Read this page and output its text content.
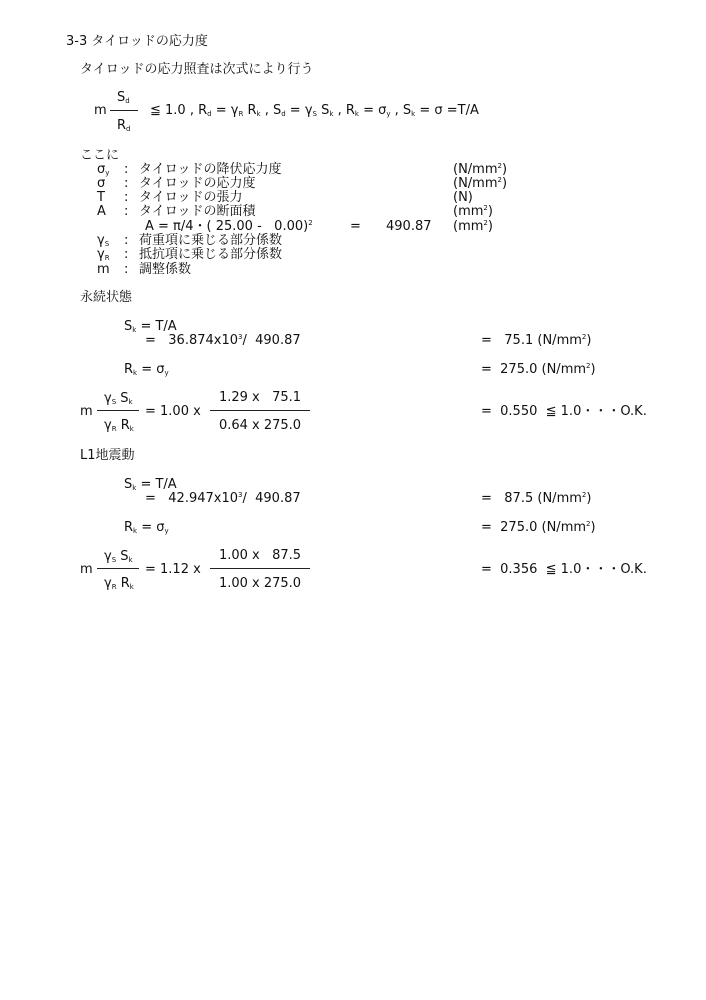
3-3 タイロッドの応力度
タイロッドの応力照査は次式により行う
m
Sd
Rd
≦ 1.0 , Rd = γR Rk , Sd = γS Sk , Rk = σy , Sk = σ =T/A
ここに
σy : タイロッドの降伏応力度	$(N/mm^2)$
σ : タイロッドの応力度	$(N/mm^2)$
T : タイロッドの張力	(N)
A : タイロッドの断面積	$(mm^2)$
γS : 荷重項に乗じる部分係数
γR : 抵抗項に乗じる部分係数
m : 調整係数
A = π/4・( 25.00 -   0.00)$^2$	= 490.87 $(mm^2)$
永続状態
Sk = T/A
=   $36.874x10^3/$  490.87	=   75.1 $(N/mm^2)$
Rk = σy	=  275.0 $(N/mm^2)$
m
γS Sk
γR Rk
= 1.00 x
1.29 x   75.1
0.64 x 275.0
=  0.550  ≦ 1.0・・・O.K.
L1地震動
Sk = T/A
=   $42.947x10^3/$  490.87	=   87.5 $(N/mm^2)$
Rk = σy	=  275.0 $(N/mm^2)$
m
γS Sk
γR Rk
= 1.12 x
1.00 x   87.5
1.00 x 275.0
=  0.356  ≦ 1.0・・・O.K.
